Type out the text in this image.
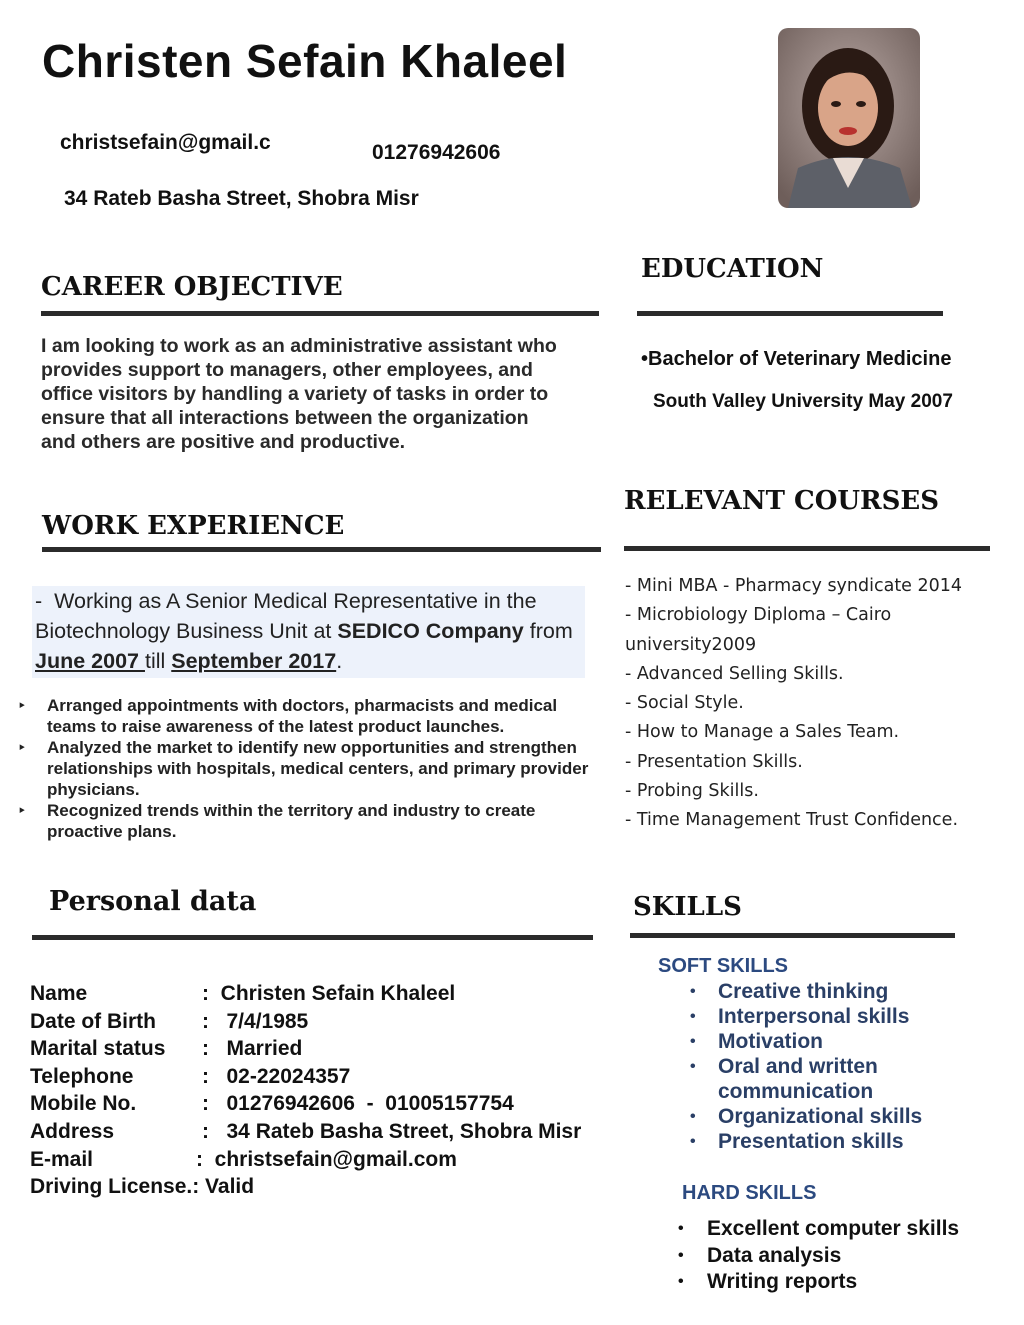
Christen Sefain Khaleel
christsefain@gmail.c	01276942606
34 Rateb Basha Street, Shobra Misr
CAREER OBJECTIVE
I am looking to work as an administrative assistant who provides support to managers, other employees, and office visitors by handling a variety of tasks in order to ensure that all interactions between the organization and others are positive and productive.
WORK EXPERIENCE
-  Working as A Senior Medical Representative in the Biotechnology Business Unit at SEDICO Company from June 2007 till September 2017.
‣ Arranged appointments with doctors, pharmacists and medical teams to raise awareness of the latest product launches.
‣ Analyzed the market to identify new opportunities and strengthen relationships with hospitals, medical centers, and primary provider physicians.
‣ Recognized trends within the territory and industry to create proactive plans.
EDUCATION
•Bachelor of Veterinary Medicine
South Valley University May 2007
RELEVANT COURSES
- Mini MBA - Pharmacy syndicate 2014
- Microbiology Diploma – Cairo university2009
- Advanced Selling Skills.
- Social Style.
- How to Manage a Sales Team.
- Presentation Skills.
- Probing Skills.
- Time Management Trust Confidence.
Personal data
Name	:  Christen Sefain Khaleel
Date of Birth :   7/4/1985
Marital status :   Married
Telephone	:   02-22024357
Mobile No.	:   01276942606  -  01005157754
Address	:   34 Rateb Basha Street, Shobra Misr
E-mail	:  christsefain@gmail.com
Driving License.: Valid
SKILLS
SOFT SKILLS
• Creative thinking
• Interpersonal skills
• Motivation
• Oral and written communication
• Organizational skills
• Presentation skills
HARD SKILLS
• Excellent computer skills
• Data analysis
• Writing reports
